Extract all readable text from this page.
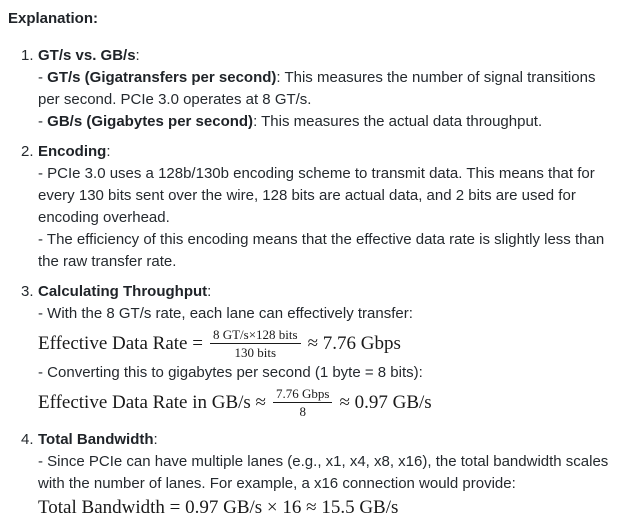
Explanation:
1. GT/s vs. GB/s:
- GT/s (Gigatransfers per second): This measures the number of signal transitions per second. PCIe 3.0 operates at 8 GT/s.
- GB/s (Gigabytes per second): This measures the actual data throughput.
2. Encoding:
- PCIe 3.0 uses a 128b/130b encoding scheme to transmit data. This means that for every 130 bits sent over the wire, 128 bits are actual data, and 2 bits are used for encoding overhead.
- The efficiency of this encoding means that the effective data rate is slightly less than the raw transfer rate.
3. Calculating Throughput:
- With the 8 GT/s rate, each lane can effectively transfer:
Effective Data Rate = $\frac{\text{8 GT/s×128 bits}}{\text{130 bits}} \approx 7.76$ Gbps
- Converting this to gigabytes per second (1 byte = 8 bits):
Effective Data Rate in $GB/s \approx \frac{\text{7.76 Gbps}}{8} \approx 0.97$ GB/s
4. Total Bandwidth:
- Since PCIe can have multiple lanes (e.g., x1, x4, x8, x16), the total bandwidth scales with the number of lanes. For example, a x16 connection would provide:
Total Bandwidth = 0.97 GB/s × 16 ≈ 15.5 GB/s
